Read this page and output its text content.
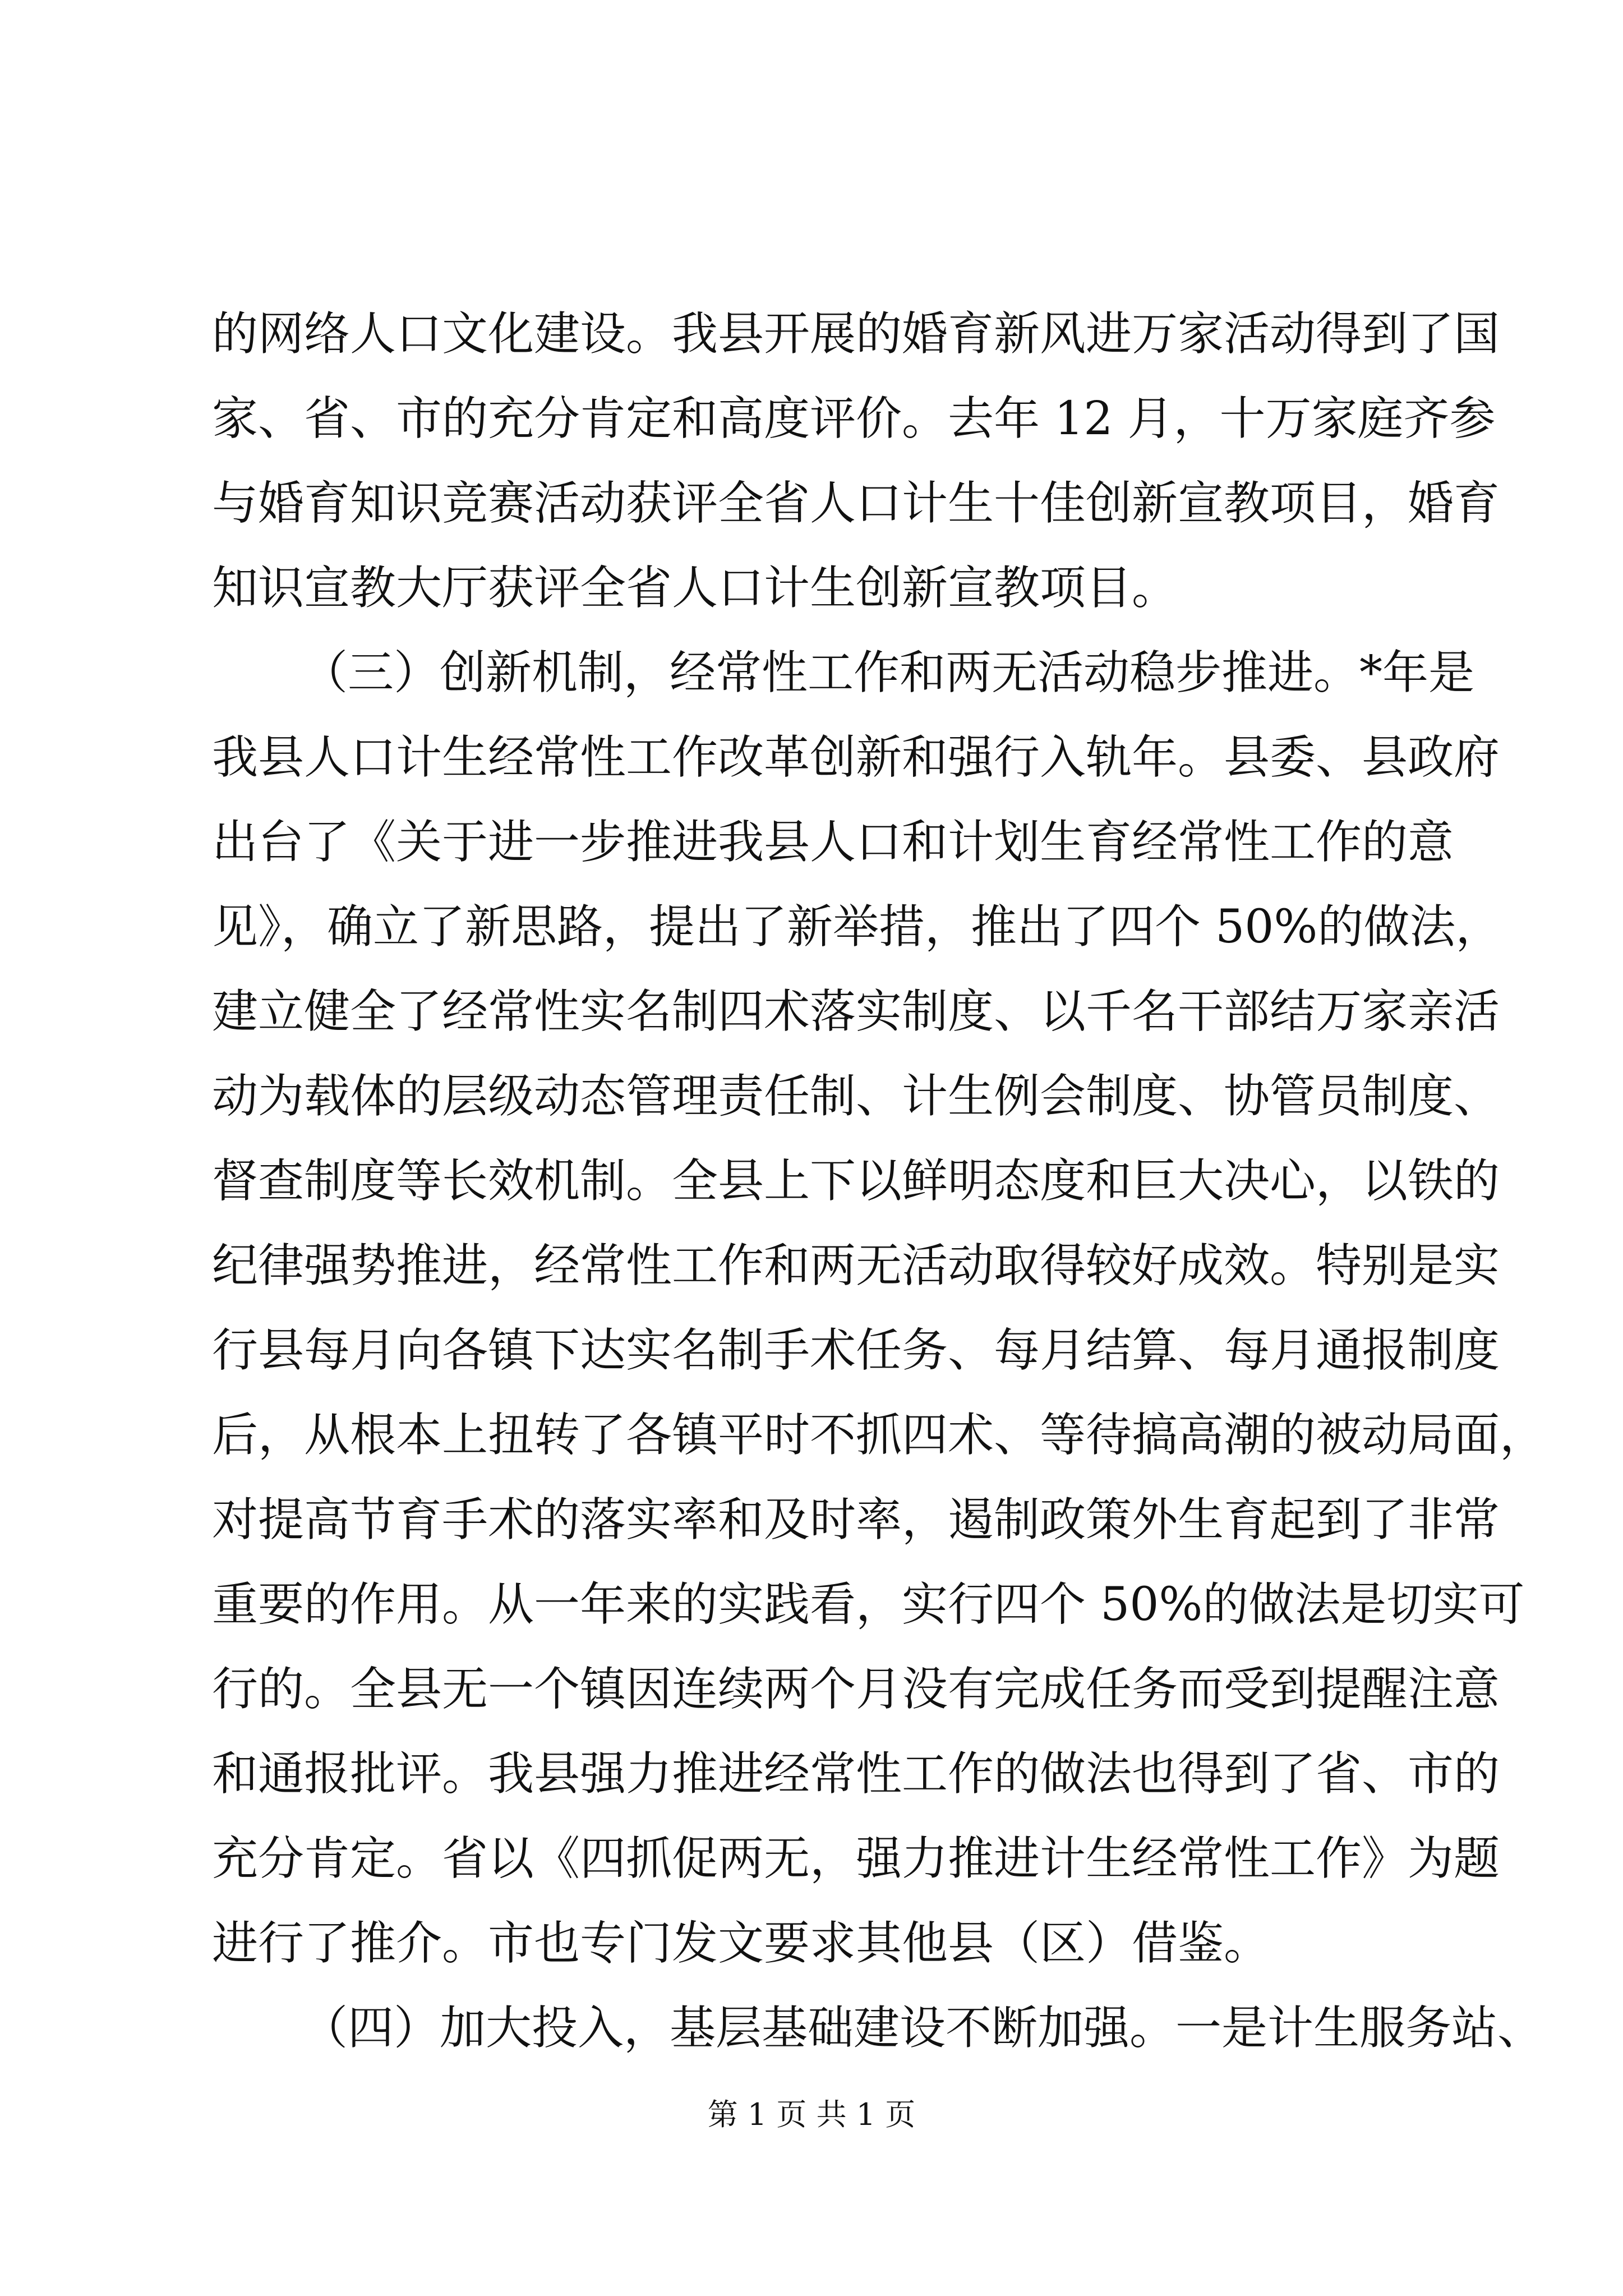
的网络人口文化建设。我县开展的婚育新风进万家活动得到了国
家、省、市的充分肯定和高度评价。去年 12 月，十万家庭齐参
与婚育知识竞赛活动获评全省人口计生十佳创新宣教项目，婚育
知识宣教大厅获评全省人口计生创新宣教项目。
（三）创新机制，经常性工作和两无活动稳步推进。*年是
我县人口计生经常性工作改革创新和强行入轨年。县委、县政府
出台了《关于进一步推进我县人口和计划生育经常性工作的意
见》，确立了新思路，提出了新举措，推出了四个 50%的做法，
建立健全了经常性实名制四术落实制度、以千名干部结万家亲活
动为载体的层级动态管理责任制、计生例会制度、协管员制度、
督查制度等长效机制。全县上下以鲜明态度和巨大决心，以铁的
纪律强势推进，经常性工作和两无活动取得较好成效。特别是实
行县每月向各镇下达实名制手术任务、每月结算、每月通报制度
后，从根本上扭转了各镇平时不抓四术、等待搞高潮的被动局面，
对提高节育手术的落实率和及时率，遏制政策外生育起到了非常
重要的作用。从一年来的实践看，实行四个 50%的做法是切实可
行的。全县无一个镇因连续两个月没有完成任务而受到提醒注意
和通报批评。我县强力推进经常性工作的做法也得到了省、市的
充分肯定。省以《四抓促两无，强力推进计生经常性工作》为题
进行了推介。市也专门发文要求其他县（区）借鉴。
（四）加大投入，基层基础建设不断加强。一是计生服务站、
第 1 页 共 1 页
